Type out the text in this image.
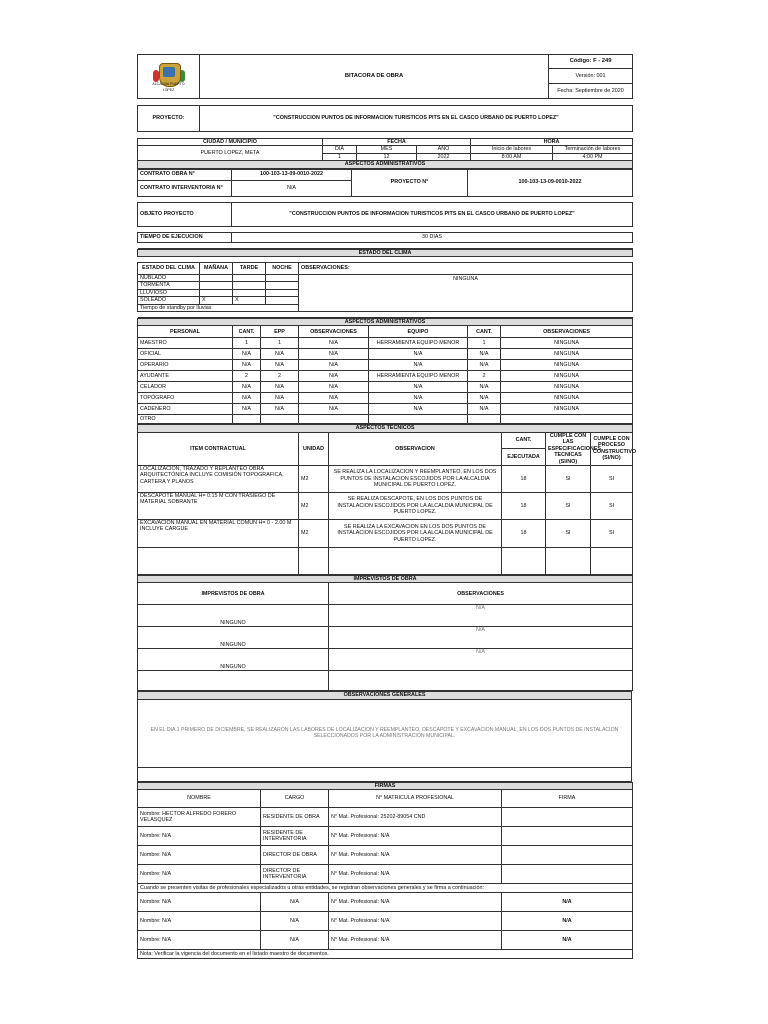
ALCALDÍA PUERTO LÓPEZ
	BITACORA DE OBRA	Código: F - 249
Versión: 001
Fecha: Septiembre de 2020
PROYECTO:	"CONSTRUCCION PUNTOS DE INFORMACION TURISTICOS PITS EN EL CASCO URBANO DE PUERTO LOPEZ"
CIUDAD / MUNICIPIO	FECHA			HORA	
PUERTO LOPEZ, META	DIA	MES	AÑO	Inicio de labores	Terminación de labores
	1	12	2022	8:00 AM	4:00 PM
ASPECTOS ADMINISTRATIVOS					
CONTRATO OBRA N°	100-103-13-09-0010-2022	PROYECTO N°	100-103-13-09-0010-2022
CONTRATO INTERVENTORIA N°	N/A		

OBJETO PROYECTO	"CONSTRUCCION PUNTOS DE INFORMACION TURISTICOS PITS EN EL CASCO URBANO DE PUERTO LOPEZ"		

TIEMPO DE EJECUCION	30 DIAS		

ESTADO DEL CLIMA				

ESTADO DEL CLIMA	MAÑANA	TARDE	NOCHE	OBSERVACIONES:
NUBLADO				NINGUNA
TORMENTA				
LLUVIOSO				
SOLEADO	X	X		
Tiempo de standby por lluvias				

ASPECTOS ADMINISTRATIVOS						
PERSONAL	CANT.	EPP	OBSERVACIONES	EQUIPO	CANT.	OBSERVACIONES
MAESTRO	1	1	N/A	HERRAMIENTA EQUIPO MENOR	1	NINGUNA
OFICIAL	N/A	N/A	N/A	N/A	N/A	NINGUNA
OPERARIO	N/A	N/A	N/A	N/A	N/A	NINGUNA
AYUDANTE	2	2	N/A	HERRAMIENTA EQUIPO MENOR	2	NINGUNA
CELADOR	N/A	N/A	N/A	N/A	N/A	NINGUNA
TOPÓGRAFO	N/A	N/A	N/A	N/A	N/A	NINGUNA
CADENERO	N/A	N/A	N/A	N/A	N/A	NINGUNA
OTRO						
ASPECTOS TECNICOS					
ITEM CONTRACTUAL	UNIDAD	OBSERVACION	CANT.	CUMPLE CON LAS ESPECIFICACIONES TECNICAS (SI/NO)	CUMPLE CON PROCESO CONSTRUCTIVO (SI/NO)
			EJECUTADA		
LOCALIZACION, TRAZADO Y REPLANTEO OBRA ARQUITECTÓNICA INCLUYE COMISIÓN TOPOGRAFICA, CARTERA Y PLANOS	M2	SE REALIZA LA LOCALIZACION Y REEMPLANTEO, EN LOS DOS PUNTOS DE INSTALACION ESCOJIDOS POR LA ALCALDIA MUNICIPAL DE PUERTO LOPEZ.	18	SI	SI
DESCAPOTE MANUAL H= 0.15 M CON TRASIEGO DE MATERIAL SOBRANTE	M2	SE REALIZA DESCAPOTE, EN LOS DOS PUNTOS DE INSTALACION ESCOJIDOS POR LA ALCALDIA MUNICIPAL DE PUERTO LOPEZ.	18	SI	SI
EXCAVACION MANUAL EN MATERIAL COMUN H= 0 - 2.00 M INCLUYE CARGUE	M2	SE REALIZA LA EXCAVACION EN LOS DOS PUNTOS DE INSTALACION ESCOJIDOS POR LA ALCALDIA MUNICIPAL DE PUERTO LOPEZ.	18	SI	SI

IMPREVISTOS DE OBRA	
IMPREVISTOS DE OBRA	OBSERVACIONES
NINGUNO	N/A
NINGUNO	N/A
NINGUNO	N/A

OBSERVACIONES GENERALES
EN EL DIA 1 PRIMERO DE DICIEMBRE, SE REALIZARON LAS LABORES DE LOCALIZACION Y REEMPLANTEO, DESCAPOTE Y EXCAVACION MANUAL, EN LOS DOS PUNTOS DE INSTALACION SELECCIONADOS POR LA ADMINISTRACION MUNICIPAL.

FIRMAS			
NOMBRE	CARGO	N° MATRICULA PROFESIONAL	FIRMA
Nombre: HECTOR ALFREDO FORERO VELASQUEZ	RESIDENTE DE OBRA	N° Mat. Profesional: 25202-89054 CND	
Nombre: N/A	RESIDENTE DE INTERVENTORIA	N° Mat. Profesional: N/A	
Nombre: N/A	DIRECTOR DE OBRA	N° Mat. Profesional: N/A	
Nombre: N/A	DIRECTOR DE INTERVENTORIA	N° Mat. Profesional: N/A	
Cuando se presenten visitas de profesionales especializados u otras entidades, se registran observaciones generales y se firma a continuación:			
Nombre: N/A	N/A	N° Mat. Profesional: N/A	N/A
Nombre: N/A	N/A	N° Mat. Profesional: N/A	N/A
Nombre: N/A	N/A	N° Mat. Profesional: N/A	N/A
Nota: Verificar la vigencia del documento en el listado maestro de documentos.			
